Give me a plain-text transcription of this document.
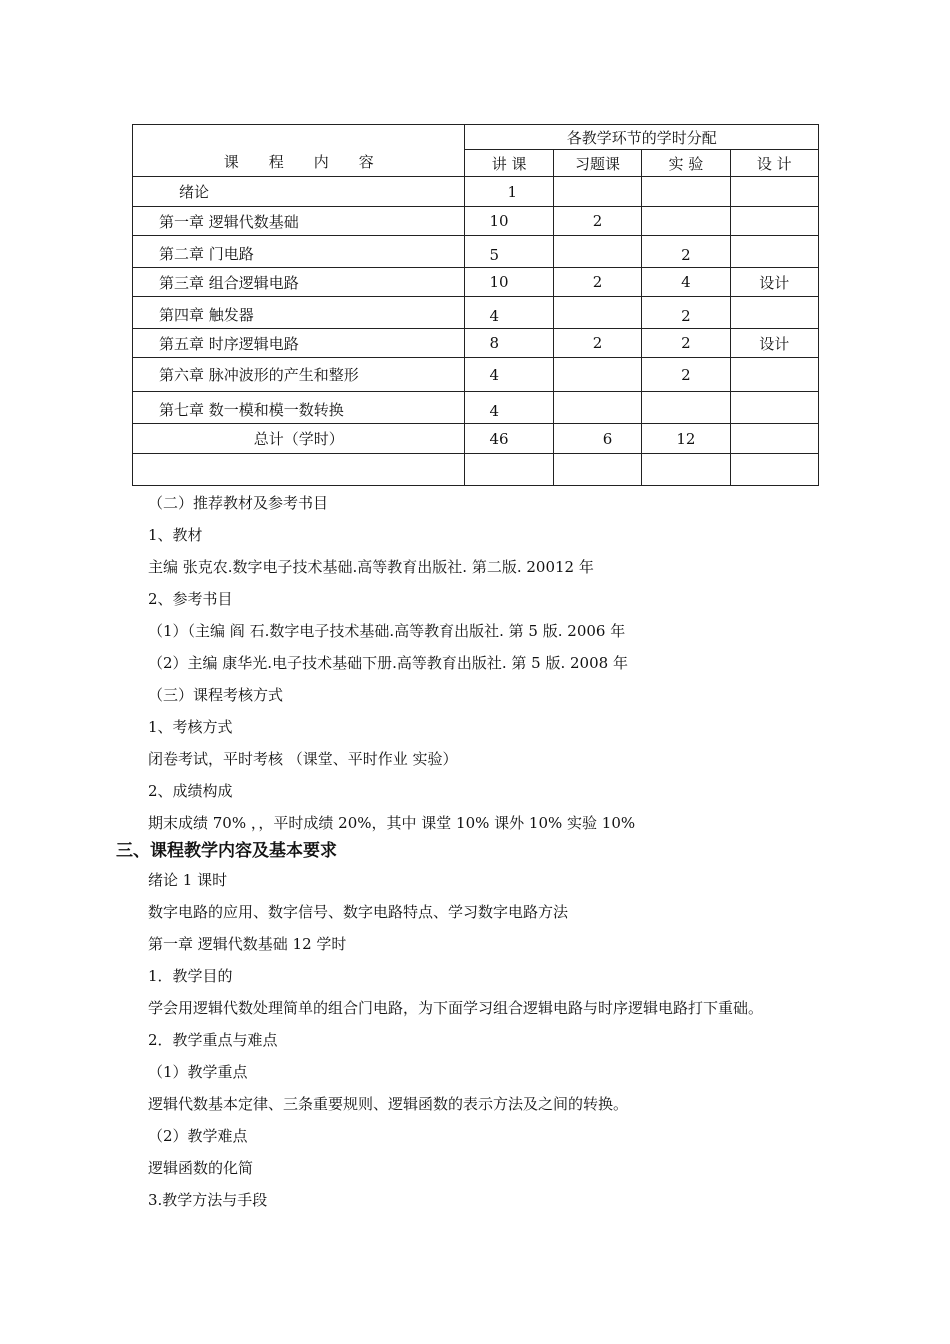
课　　程　　内　　容	各教学环节的学时分配			
	讲 课	习题课	实 验	设 计
绪论	1			
第一章 逻辑代数基础	10	2		
第二章 门电路	5		2	
第三章 组合逻辑电路	10	2	4	设计
第四章 触发器	4		2	
第五章 时序逻辑电路	8	2	2	设计
第六章 脉冲波形的产生和整形	4		2	
第七章 数一模和模一数转换	4			
总计（学时）	46	6	12	

（二）推荐教材及参考书目
1、教材
主编 张克农.数字电子技术基础.高等教育出版社. 第二版. 20012 年
2、参考书目
（1）（主编 阎 石.数字电子技术基础.高等教育出版社. 第 5 版. 2006 年
（2）主编 康华光.电子技术基础下册.高等教育出版社. 第 5 版. 2008 年
（三）课程考核方式
1、考核方式
闭卷考试，平时考核 （课堂、平时作业 实验）
2、成绩构成
期末成绩 70% ，，平时成绩 20%，其中 课堂 10% 课外 10% 实验 10%
三、课程教学内容及基本要求
绪论 1 课时
数字电路的应用、数字信号、数字电路特点、学习数字电路方法
第一章 逻辑代数基础 12 学时
1．教学目的
学会用逻辑代数处理简单的组合门电路，为下面学习组合逻辑电路与时序逻辑电路打下重础。
2．教学重点与难点
（1）教学重点
逻辑代数基本定律、三条重要规则、逻辑函数的表示方法及之间的转换。
（2）教学难点
逻辑函数的化简
3.教学方法与手段
